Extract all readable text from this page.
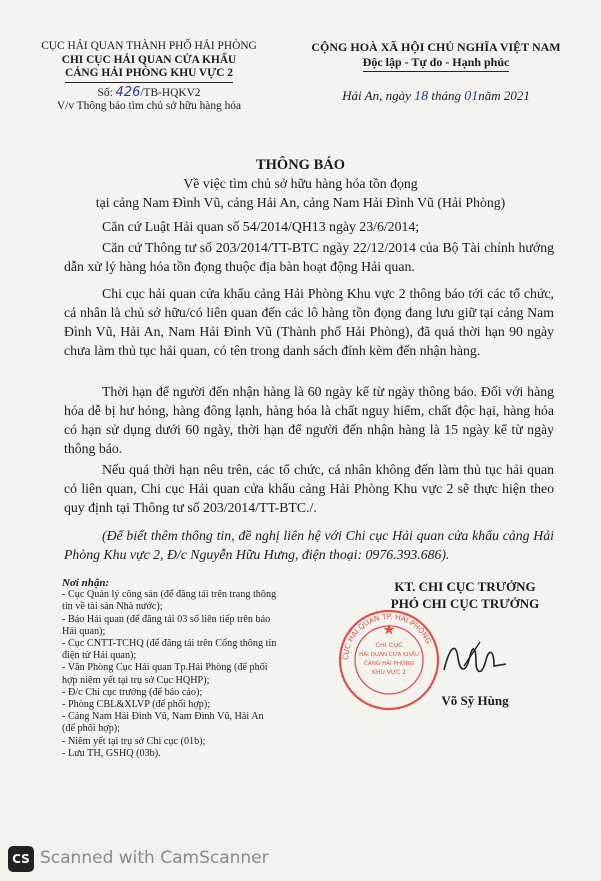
CỤC HẢI QUAN THÀNH PHỐ HẢI PHÒNG
CHI CỤC HẢI QUAN CỬA KHẨU
CẢNG HẢI PHÒNG KHU VỰC 2
Số: 426/TB-HQKV2
V/v Thông báo tìm chủ sở hữu hàng hóa
CỘNG HOÀ XÃ HỘI CHỦ NGHĨA VIỆT NAM
Độc lập - Tự do - Hạnh phúc
Hải An, ngày 18 tháng 01năm 2021
THÔNG BÁO
Về việc tìm chủ sở hữu hàng hóa tồn đọng
tại cảng Nam Đình Vũ, cảng Hải An, cảng Nam Hải Đình Vũ (Hải Phòng)
Căn cứ Luật Hải quan số 54/2014/QH13 ngày 23/6/2014;
Căn cứ Thông tư số 203/2014/TT-BTC ngày 22/12/2014 của Bộ Tài chính hướng dẫn xử lý hàng hóa tồn đọng thuộc địa bàn hoạt động Hải quan.
Chi cục hải quan cửa khẩu cảng Hải Phòng Khu vực 2 thông báo tới các tổ chức, cá nhân là chủ sở hữu/có liên quan đến các lô hàng tồn đọng đang lưu giữ tại cảng Nam Đình Vũ, Hải An, Nam Hải Đình Vũ (Thành phố Hải Phòng), đã quá thời hạn 90 ngày chưa làm thủ tục hải quan, có tên trong danh sách đính kèm đến nhận hàng.
Thời hạn để người đến nhận hàng là 60 ngày kể từ ngày thông báo. Đối với hàng hóa dễ bị hư hỏng, hàng đông lạnh, hàng hóa là chất nguy hiểm, chất độc hại, hàng hóa có hạn sử dụng dưới 60 ngày, thời hạn để người đến nhận hàng là 15 ngày kể từ ngày thông báo.
Nếu quá thời hạn nêu trên, các tổ chức, cá nhân không đến làm thủ tục hải quan có liên quan, Chi cục Hải quan cửa khẩu cảng Hải Phòng Khu vực 2 sẽ thực hiện theo quy định tại Thông tư số 203/2014/TT-BTC./.
(Để biết thêm thông tin, đề nghị liên hệ với Chi cục Hải quan cửa khẩu cảng Hải Phòng Khu vực 2, Đ/c Nguyễn Hữu Hưng, điện thoại: 0976.393.686).
Nơi nhận:
- Cục Quản lý công sản (để đăng tải trên trang thông
tin về tài sản Nhà nước);
- Báo Hải quan (để đăng tải 03 số liên tiếp trên báo
Hải quan);
- Cục CNTT-TCHQ (để đăng tải trên Cổng thông tin
điện tử Hải quan);
- Văn Phòng Cục Hải quan Tp.Hải Phòng (để phối
hợp niêm yết tại trụ sở Cục HQHP);
- Đ/c Chi cục trưởng (để báo cáo);
- Phòng CBL&XLVP (để phối hợp);
- Cảng Nam Hải Đình Vũ, Nam Đình Vũ, Hải An
(để phối hợp);
- Niêm yết tại trụ sở Chi cục (01b);
- Lưu TH, GSHQ (03b).
CỤC HẢI QUAN TP. HẢI PHÒNG
CHI CỤC
HẢI QUAN CỬA KHẨU
CẢNG HẢI PHÒNG
KHU VỰC 2
KT. CHI CỤC TRƯỞNG
PHÓ CHI CỤC TRƯỞNG
Võ Sỹ Hùng
CS Scanned with CamScanner
